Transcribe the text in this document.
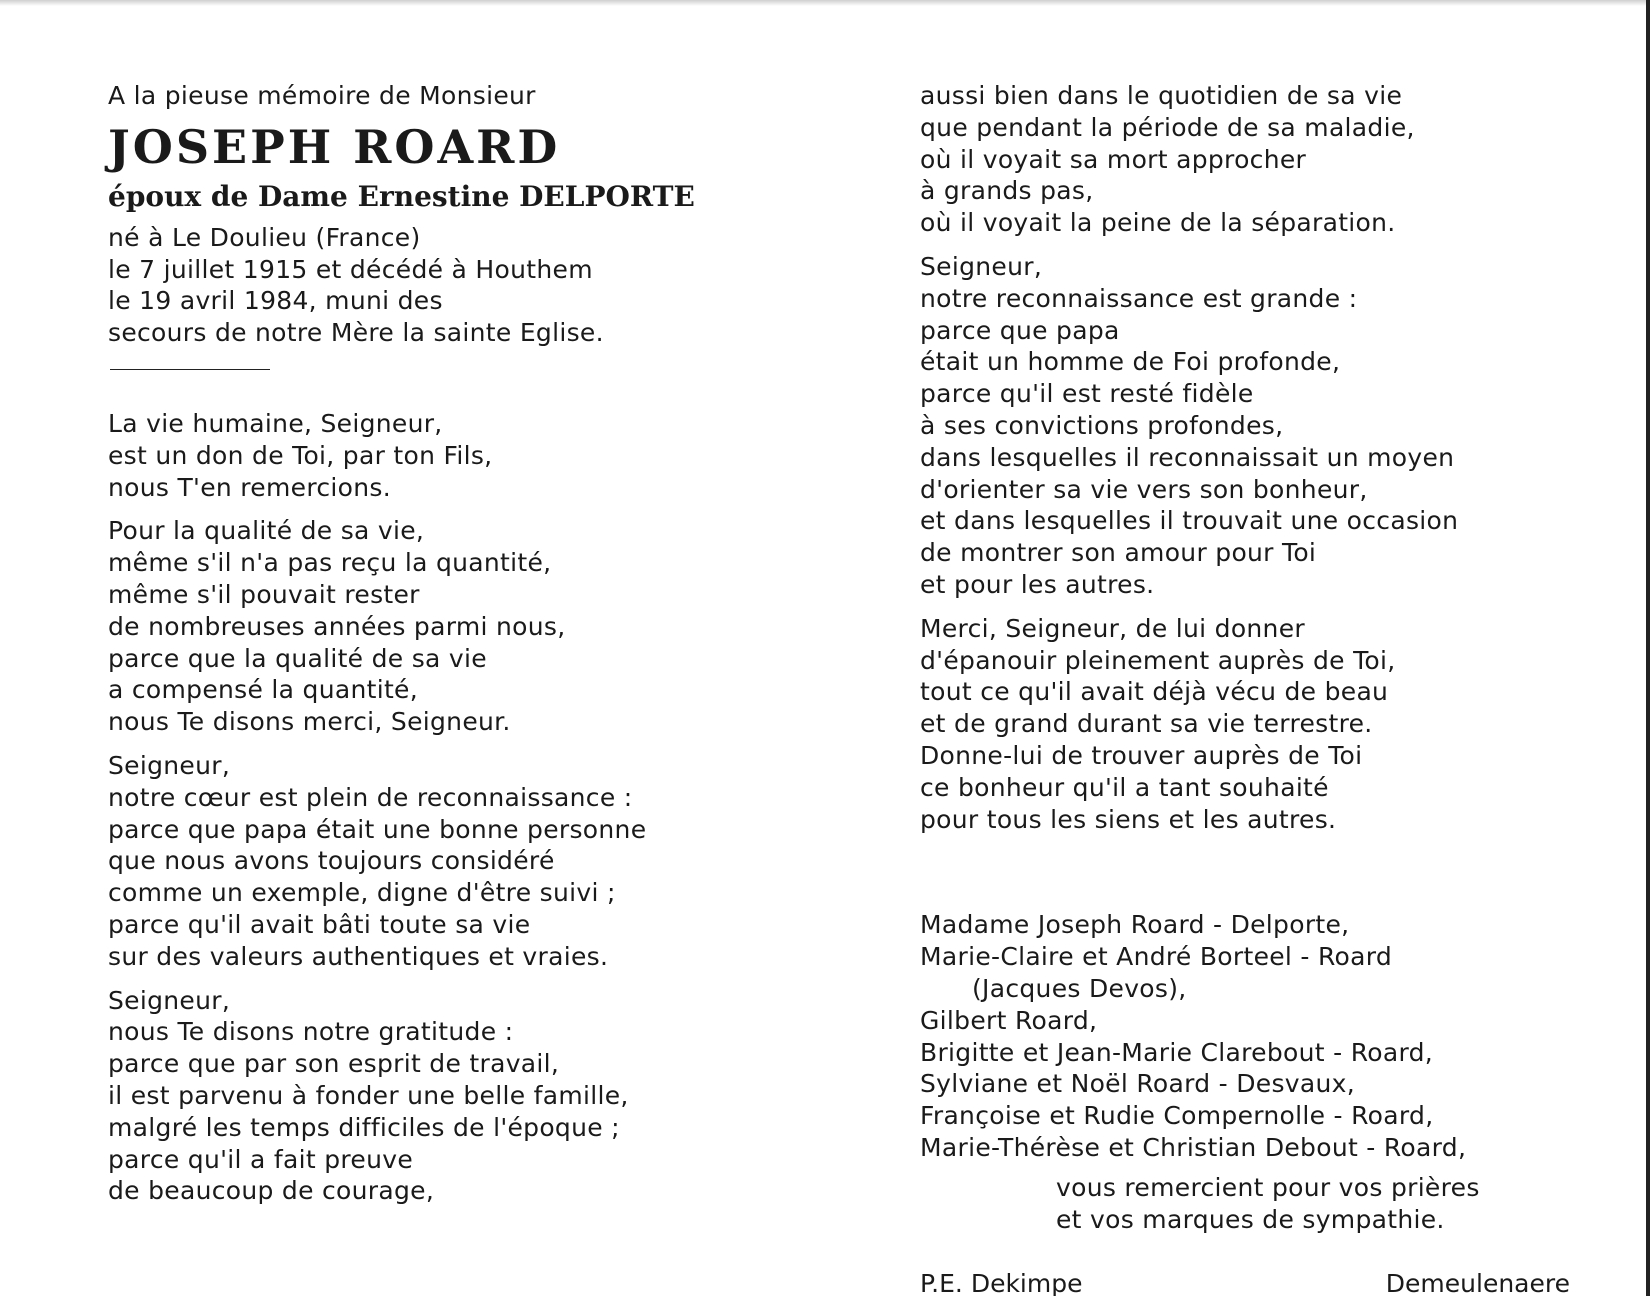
A la pieuse mémoire de Monsieur
JOSEPH ROARD
époux de Dame Ernestine DELPORTE
né à Le Doulieu (France)
le 7 juillet 1915 et décédé à Houthem
le 19 avril 1984, muni des
secours de notre Mère la sainte Eglise.
La vie humaine, Seigneur,
est un don de Toi, par ton Fils,
nous T'en remercions.
Pour la qualité de sa vie,
même s'il n'a pas reçu la quantité,
même s'il pouvait rester
de nombreuses années parmi nous,
parce que la qualité de sa vie
a compensé la quantité,
nous Te disons merci, Seigneur.
Seigneur,
notre cœur est plein de reconnaissance :
parce que papa était une bonne personne
que nous avons toujours considéré
comme un exemple, digne d'être suivi ;
parce qu'il avait bâti toute sa vie
sur des valeurs authentiques et vraies.
Seigneur,
nous Te disons notre gratitude :
parce que par son esprit de travail,
il est parvenu à fonder une belle famille,
malgré les temps difficiles de l'époque ;
parce qu'il a fait preuve
de beaucoup de courage,
aussi bien dans le quotidien de sa vie
que pendant la période de sa maladie,
où il voyait sa mort approcher
à grands pas,
où il voyait la peine de la séparation.
Seigneur,
notre reconnaissance est grande :
parce que papa
était un homme de Foi profonde,
parce qu'il est resté fidèle
à ses convictions profondes,
dans lesquelles il reconnaissait un moyen
d'orienter sa vie vers son bonheur,
et dans lesquelles il trouvait une occasion
de montrer son amour pour Toi
et pour les autres.
Merci, Seigneur, de lui donner
d'épanouir pleinement auprès de Toi,
tout ce qu'il avait déjà vécu de beau
et de grand durant sa vie terrestre.
Donne-lui de trouver auprès de Toi
ce bonheur qu'il a tant souhaité
pour tous les siens et les autres.
Madame Joseph Roard - Delporte,
Marie-Claire et André Borteel - Roard
(Jacques Devos),
Gilbert Roard,
Brigitte et Jean-Marie Clarebout - Roard,
Sylviane et Noël Roard - Desvaux,
Françoise et Rudie Compernolle - Roard,
Marie-Thérèse et Christian Debout - Roard,
vous remercient pour vos prières
et vos marques de sympathie.
P.E. Dekimpe	Demeulenaere
